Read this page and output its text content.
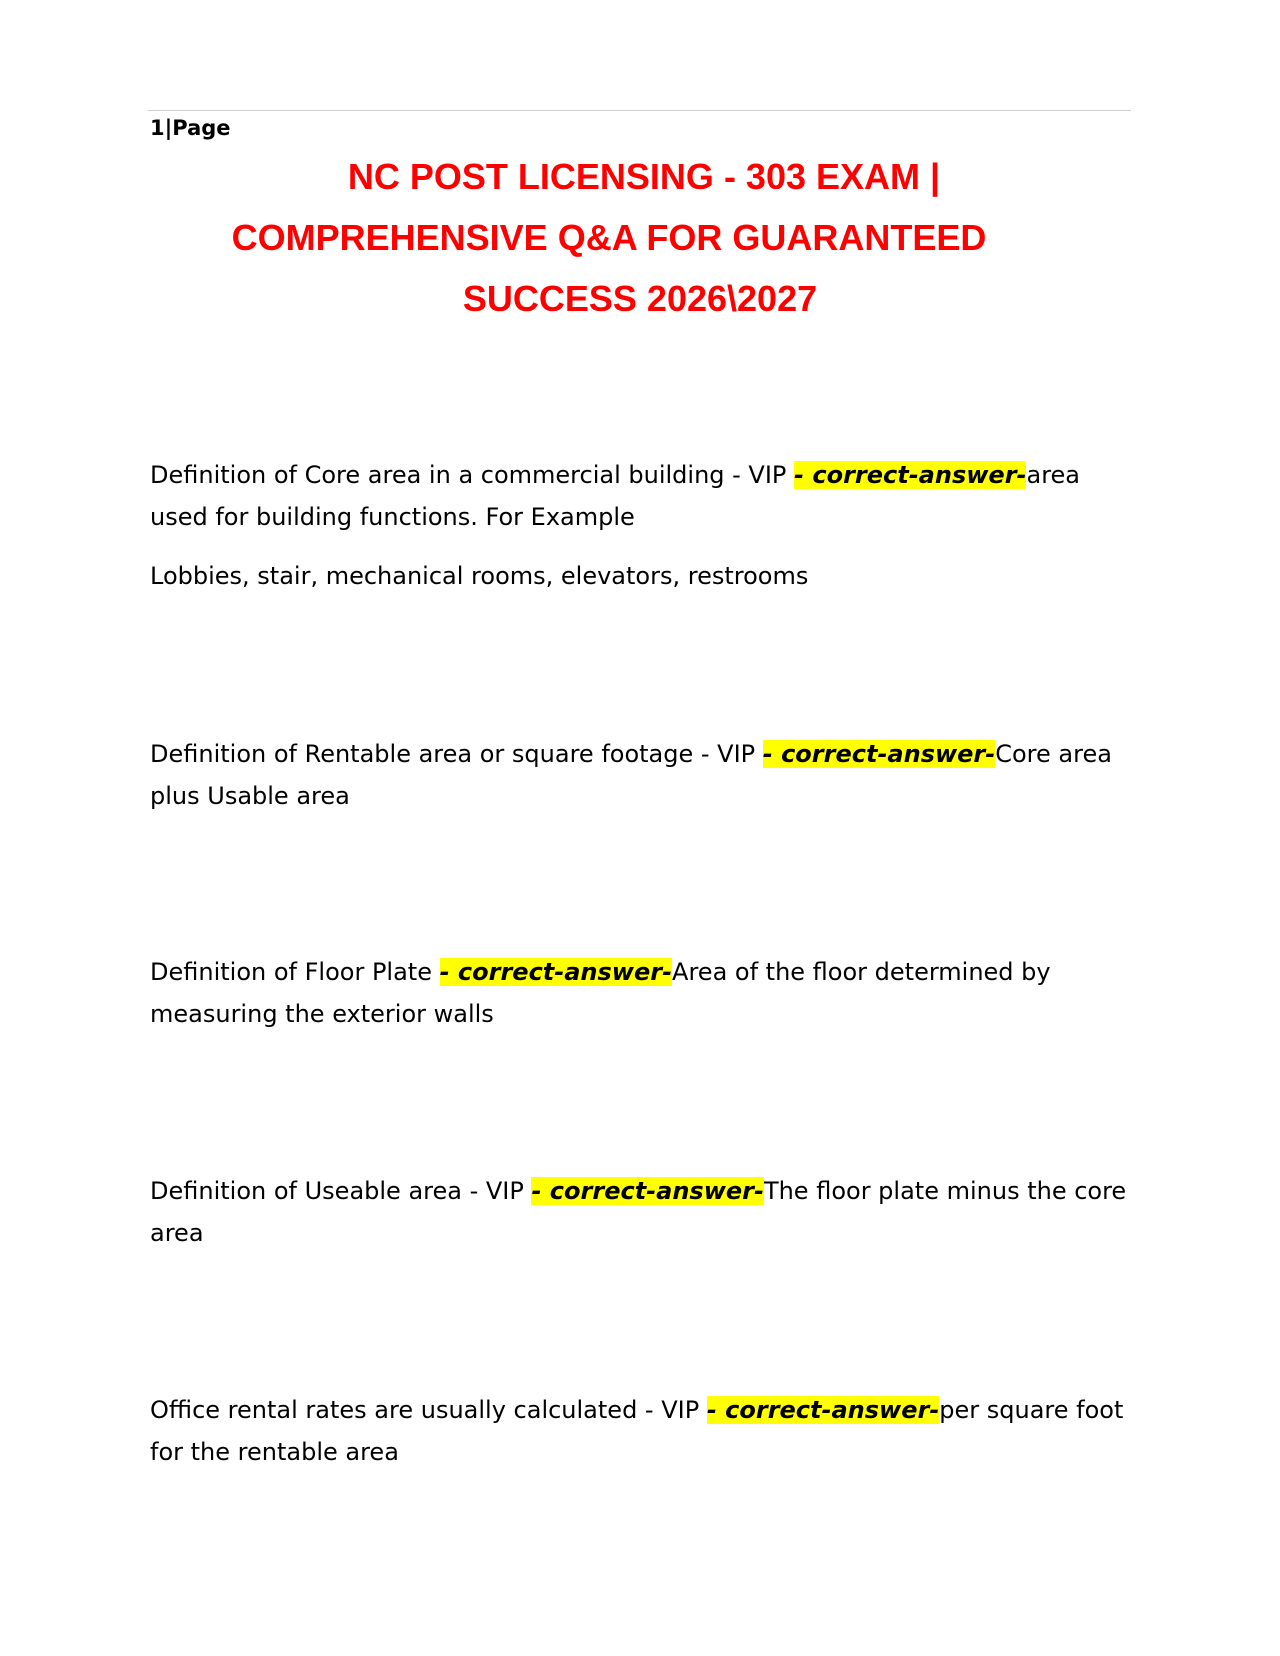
1|Page
NC POST LICENSING - 303 EXAM |
COMPREHENSIVE Q&A FOR GUARANTEED
SUCCESS 2026\2027

Definition of Core area in a commercial building - VIP - correct-answer-area used for building functions. For Example

Lobbies, stair, mechanical rooms, elevators, restrooms

Definition of Rentable area or square footage - VIP - correct-answer-Core area plus Usable area

Definition of Floor Plate - correct-answer-Area of the floor determined by measuring the exterior walls

Definition of Useable area - VIP - correct-answer-The floor plate minus the core area

Office rental rates are usually calculated - VIP - correct-answer-per square foot for the rentable area
